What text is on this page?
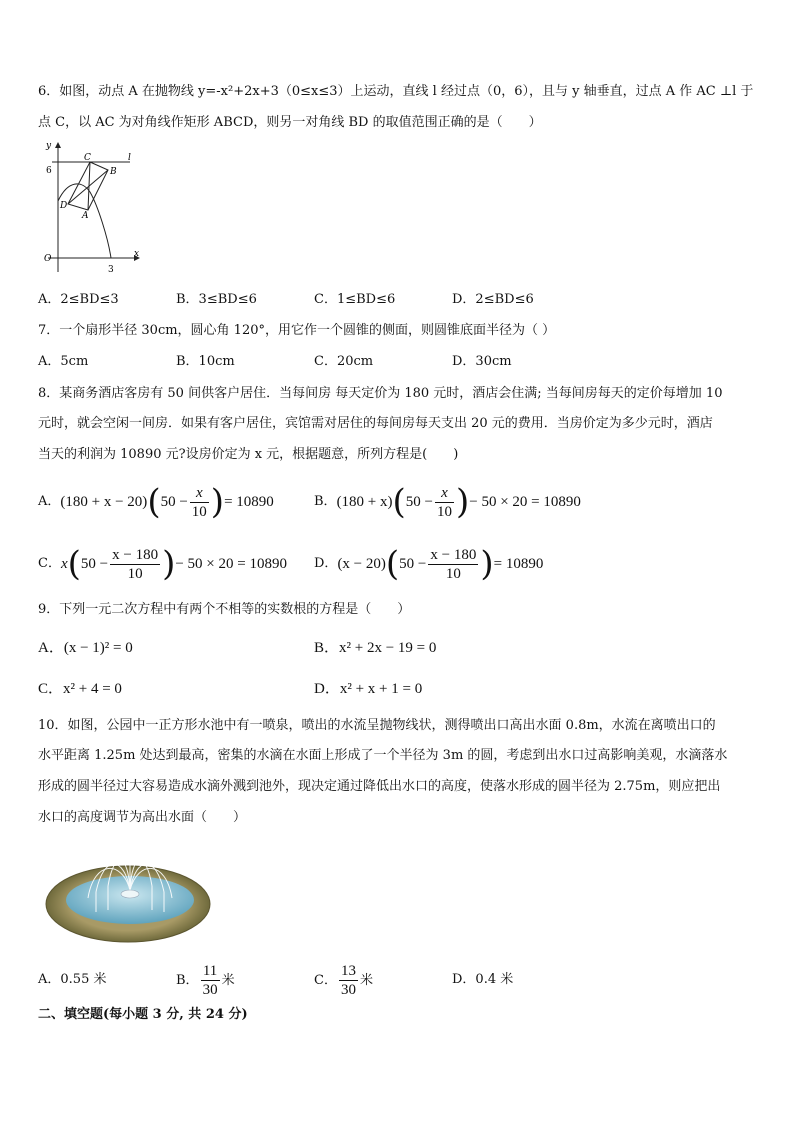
6．如图，动点 A 在抛物线 y=-x²+2x+3（0≤x≤3）上运动，直线 l 经过点（0，6），且与 y 轴垂直，过点 A 作 AC ⊥l 于
点 C，以 AC 为对角线作矩形 ABCD，则另一对角线 BD 的取值范围正确的是（　　）
y
x
O
6
3
l
C
B
D
A
A．2≤BD≤3	B．3≤BD≤6	C．1≤BD≤6	D．2≤BD≤6
7．一个扇形半径 30cm，圆心角 120°，用它作一个圆锥的侧面，则圆锥底面半径为（ ）
A．5cm	B．10cm	C．20cm	D．30cm
8．某商务酒店客房有 50 间供客户居住．当每间房 每天定价为 180 元时，酒店会住满; 当每间房每天的定价每增加 10
元时，就会空闲一间房．如果有客户居住，宾馆需对居住的每间房每天支出 20 元的费用．当房价定为多少元时，酒店
当天的利润为 10890 元?设房价定为 x 元，根据题意，所列方程是(　　)
A． (180 + x − 20) ( $50 - \frac{x}{10}$ ) = 10890	B． (180 + x) ( $50 - \frac{x}{10}$ ) − 50 × 20 = 10890
C． x ( $50 - \frac{x - 180}{10}$ ) − 50 × 20 = 10890 D． (x − 20) ( $50 - \frac{x - 180}{10}$ ) = 10890
9．下列一元二次方程中有两个不相等的实数根的方程是（　　）
A．(x − 1)² = 0	B．x² + 2x − 19 = 0
C．x² + 4 = 0	D．x² + x + 1 = 0
10．如图，公园中一正方形水池中有一喷泉，喷出的水流呈抛物线状，测得喷出口高出水面 0.8m，水流在离喷出口的
水平距离 1.25m 处达到最高，密集的水滴在水面上形成了一个半径为 3m 的圆，考虑到出水口过高影响美观，水滴落水
形成的圆半径过大容易造成水滴外溅到池外，现决定通过降低出水口的高度，使落水形成的圆半径为 2.75m，则应把出
水口的高度调节为高出水面（　　）
A．0.55 米	B． $\frac{11}{30}$ 米	C． $\frac{13}{30}$ 米	D．0.4 米
二、填空题(每小题 3 分, 共 24 分)
